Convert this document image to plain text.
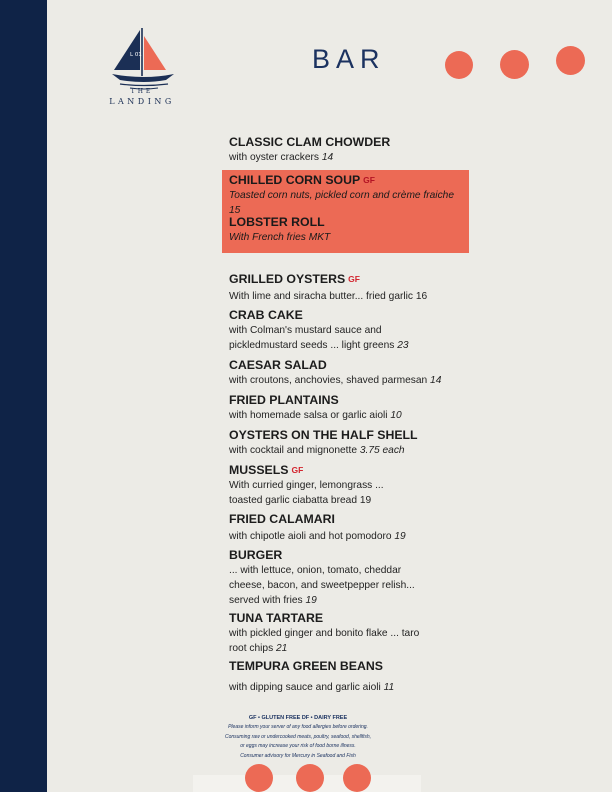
L 01
THE
LANDING
BAR
CHILLED CORN SOUP GF
Toasted corn nuts, pickled corn and crème fraiche 15
LOBSTER ROLL
With French fries MKT
CLASSIC CLAM CHOWDER
with oyster crackers 14
GRILLED OYSTERS GF
With lime and siracha butter... fried garlic 16
CRAB CAKE
with Colman's mustard sauce and pickledmustard seeds ... light greens 23
CAESAR SALAD
with croutons, anchovies, shaved parmesan 14
FRIED PLANTAINS
with homemade salsa or garlic aioli 10
OYSTERS ON THE HALF SHELL
with cocktail and mignonette 3.75 each
MUSSELS GF
With curried ginger, lemongrass ... toasted garlic ciabatta bread 19
FRIED CALAMARI
with chipotle aioli and hot pomodoro 19
BURGER
... with lettuce, onion, tomato, cheddar cheese, bacon, and sweetpepper relish... served with fries 19
TUNA TARTARE
with pickled ginger and bonito flake ... taro root chips 21
TEMPURA GREEN BEANS
with dipping sauce and garlic aioli 11
GF • GLUTEN FREE DF • DAIRY FREE
Please inform your server of any food allergies before ordering.
Consuming raw or undercooked meats, poultry, seafood, shellfish,
or eggs may increase your risk of food borne illness.
Consumer advisory for Mercury in Seafood and Fish
